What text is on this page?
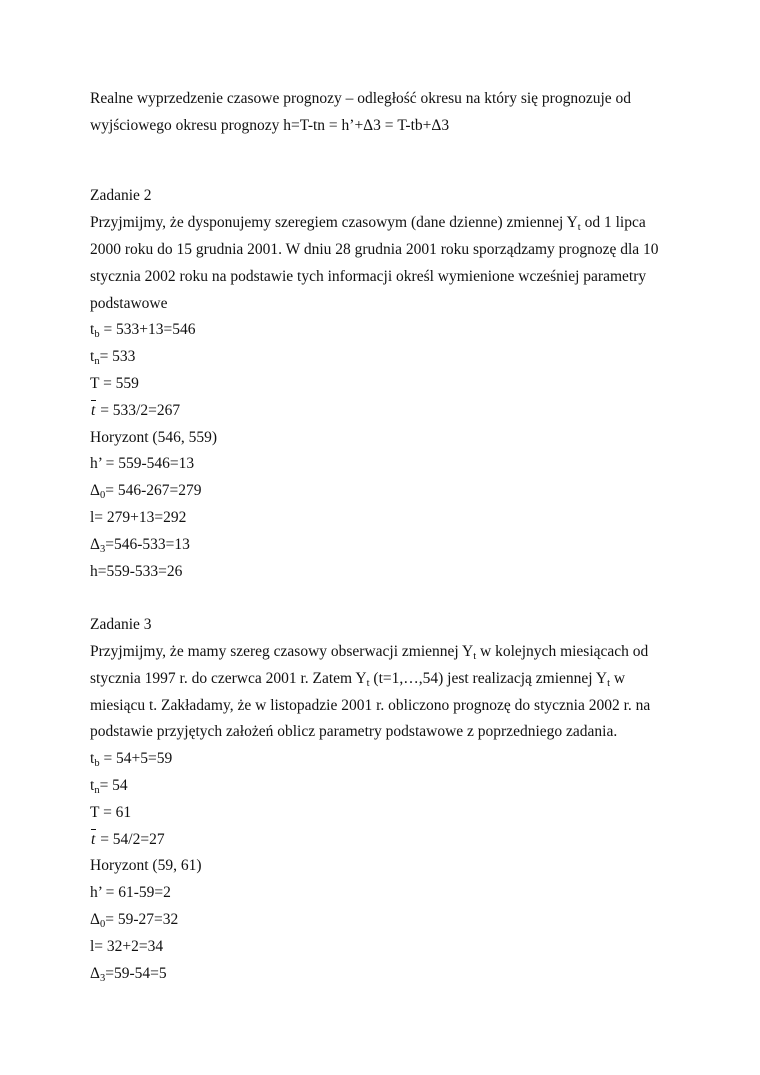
Realne wyprzedzenie czasowe prognozy – odległość okresu na który się prognozuje od
wyjściowego okresu prognozy h=T-tn = h’+Δ3 = T-tb+Δ3
Zadanie 2
Przyjmijmy, że dysponujemy szeregiem czasowym (dane dzienne) zmiennej $Y_t$ od 1 lipca
2000 roku do 15 grudnia 2001. W dniu 28 grudnia 2001 roku sporządzamy prognozę dla 10
stycznia 2002 roku na podstawie tych informacji określ wymienione wcześniej parametry
podstawowe
$t_b = 533+13=546$
$t_n= 533$
T = 559
t = 533/2=267
Horyzont (546, 559)
h’ = 559-546=13
$\Delta_0= 546-267=279$
l= 279+13=292
$\Delta_3=546-533=13$
h=559-533=26
Zadanie 3
Przyjmijmy, że mamy szereg czasowy obserwacji zmiennej $Y_t$ w kolejnych miesiącach od
stycznia 1997 r. do czerwca 2001 r. Zatem $Y_t$ (t=1,…,54) jest realizacją zmiennej $Y_t$ w
miesiącu t. Zakładamy, że w listopadzie 2001 r. obliczono prognozę do stycznia 2002 r. na
podstawie przyjętych założeń oblicz parametry podstawowe z poprzedniego zadania.
$t_b = 54+5=59$
$t_n= 54$
T = 61
t = 54/2=27
Horyzont (59, 61)
h’ = 61-59=2
$\Delta_0= 59-27=32$
l= 32+2=34
$\Delta_3=59-54=5$
